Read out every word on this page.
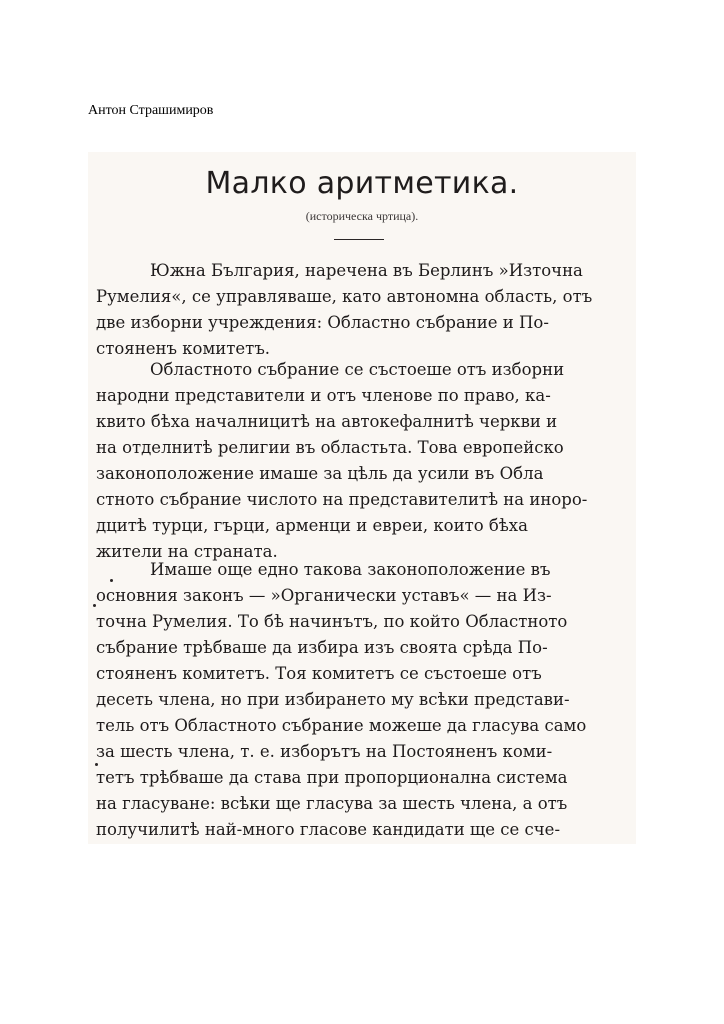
Антон Страшимиров
Малко аритметика.
(историческа чртица).
Южна България, наречена въ Берлинъ »Източна
Румелия«, се управляваше, като автономна область, отъ
две изборни учреждения: Областно събрание и По-
стояненъ комитетъ.
Областното събрание се състоеше отъ изборни
народни представители и отъ членове по право, ка-
квито бѣха началницитѣ на автокефалнитѣ черкви и
на отделнитѣ религии въ областьта. Това европейско
законоположение имаше за цѣль да усили въ Обла
стното събрание числото на представителитѣ на иноро-
дцитѣ турци, гърци, арменци и евреи, които бѣха
жители на страната.
Имаше още едно такова законоположение въ
основния законъ — »Органически уставъ« — на Из-
точна Румелия. То бѣ начинътъ, по който Областното
събрание трѣбваше да избира изъ своята срѣда По-
стояненъ комитетъ. Тоя комитетъ се състоеше отъ
десеть члена, но при избирането му всѣки представи-
тель отъ Областното събрание можеше да гласува само
за шесть члена, т. е. изборътъ на Постояненъ коми-
тетъ трѣбваше да става при пропорционална система
на гласуване: всѣки ще гласува за шесть члена, а отъ
получилитѣ най-много гласове кандидати ще се сче-
